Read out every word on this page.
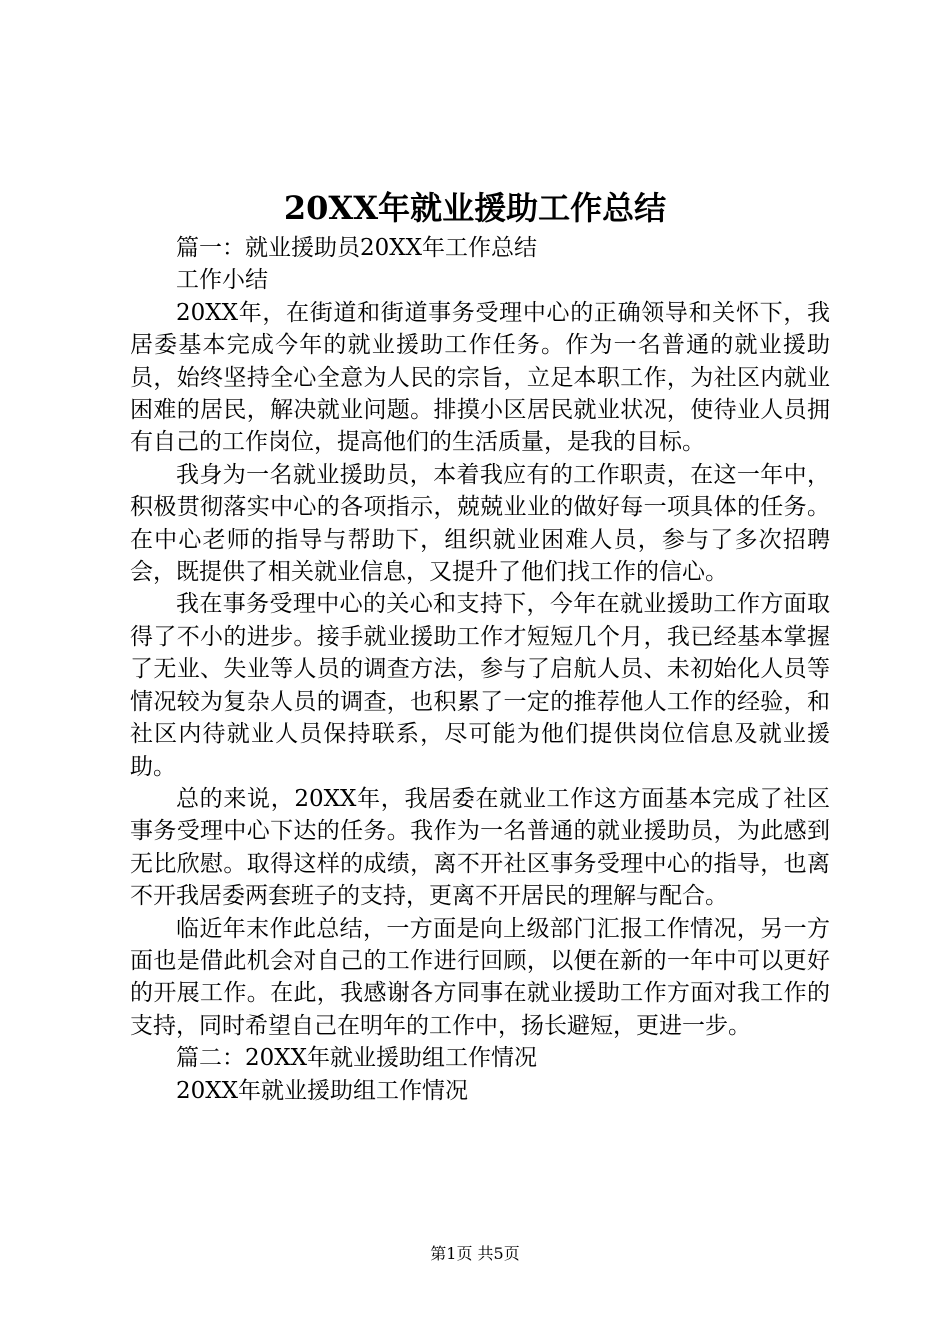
20XX年就业援助工作总结

篇一：就业援助员20XX年工作总结

工作小结

20XX年，在街道和街道事务受理中心的正确领导和关怀下，我居委基本完成今年的就业援助工作任务。作为一名普通的就业援助员，始终坚持全心全意为人民的宗旨，立足本职工作，为社区内就业困难的居民，解决就业问题。排摸小区居民就业状况，使待业人员拥有自己的工作岗位，提高他们的生活质量，是我的目标。

我身为一名就业援助员，本着我应有的工作职责，在这一年中，积极贯彻落实中心的各项指示，兢兢业业的做好每一项具体的任务。在中心老师的指导与帮助下，组织就业困难人员，参与了多次招聘会，既提供了相关就业信息，又提升了他们找工作的信心。

我在事务受理中心的关心和支持下，今年在就业援助工作方面取得了不小的进步。接手就业援助工作才短短几个月，我已经基本掌握了无业、失业等人员的调查方法，参与了启航人员、未初始化人员等情况较为复杂人员的调查，也积累了一定的推荐他人工作的经验，和社区内待就业人员保持联系，尽可能为他们提供岗位信息及就业援助。

总的来说，20XX年，我居委在就业工作这方面基本完成了社区事务受理中心下达的任务。我作为一名普通的就业援助员，为此感到无比欣慰。取得这样的成绩，离不开社区事务受理中心的指导，也离不开我居委两套班子的支持，更离不开居民的理解与配合。

临近年末作此总结，一方面是向上级部门汇报工作情况，另一方面也是借此机会对自己的工作进行回顾，以便在新的一年中可以更好的开展工作。在此，我感谢各方同事在就业援助工作方面对我工作的支持，同时希望自己在明年的工作中，扬长避短，更进一步。

篇二：20XX年就业援助组工作情况

20XX年就业援助组工作情况

第1页 共5页
